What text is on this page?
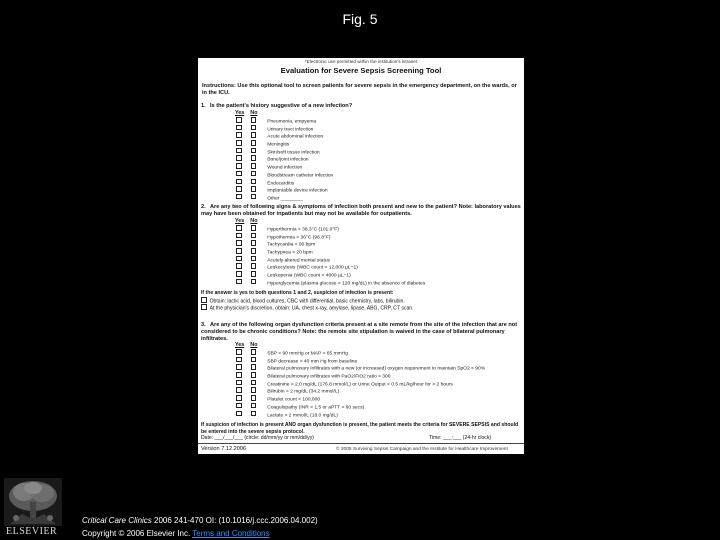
Fig. 5
*Electronic use permitted within the institution's intranet
Evaluation for Severe Sepsis Screening Tool
Instructions: Use this optional tool to screen patients for severe sepsis in the emergency department, on the wards, or in the ICU.
1. Is the patient's history suggestive of a new infection?
Yes No
Pneumonia, empyema
Urinary tract infection
Acute abdominal infection
Meningitis
Skin/soft tissue infection
Bone/joint infection
Wound infection
Bloodstream catheter infection
Endocarditis
Implantable device infection
Other ________
2. Are any two of following signs & symptoms of infection both present and new to the patient? Note: laboratory values may have been obtained for inpatients but may not be available for outpatients.
Yes No
Hyperthermia > 38.3°C (101.0°F)
Hypothermia < 36°C (96.8°F)
Tachycardia > 90 bpm
Tachypnea > 20 bpm
Acutely altered mental status
Leukocytosis (WBC count > 12,000 µL−1)
Leukopenia (WBC count < 4000 µL−1)
Hyperglycemia (plasma glucose > 120 mg/dL) in the absence of diabetes
If the answer is yes to both questions 1 and 2, suspicion of infection is present:
Obtain: lactic acid, blood cultures, CBC with differential, basic chemistry, labs, bilirubin.
At the physician's discretion, obtain: UA, chest x-ray, amylase, lipase, ABG, CRP, CT scan.
3. Are any of the following organ dysfunction criteria present at a site remote from the site of the infection that are not considered to be chronic conditions? Note: the remote site stipulation is waived in the case of bilateral pulmonary infiltrates.
Yes No
SBP < 90 mmHg or MAP < 65 mmHg
SBP decrease > 40 mm Hg from baseline
Bilateral pulmonary infiltrates with a new (or increased) oxygen requirement to maintain SpO2 > 90%
Bilateral pulmonary infiltrates with PaO2/FiO2 ratio < 300
Creatinine > 2.0 mg/dL (176.8 mmol/L) or Urine Output < 0.5 mL/kg/hour for > 2 hours
Bilirubin > 2 mg/dL (34.2 mmol/L)
Platelet count < 100,000
Coagulopathy (INR > 1.5 or aPTT > 60 secs)
Lactate > 2 mmol/L (18.0 mg/dL)
If suspicion of infection is present AND organ dysfunction is present, the patient meets the criteria for SEVERE SEPSIS and should be entered into the severe sepsis protocol.
Date: ___/___/___ (circle: dd/mm/yy or mm/dd/yy)	Time: ___:___ (24-hr clock)
Version 7.12.2006	© 2005 Surviving Sepsis Campaign and the Institute for Healthcare Improvement
ELSEVIER
Critical Care Clinics 2006 241-470 OI: (10.1016/j.ccc.2006.04.002)
Copyright © 2006 Elsevier Inc. Terms and Conditions
